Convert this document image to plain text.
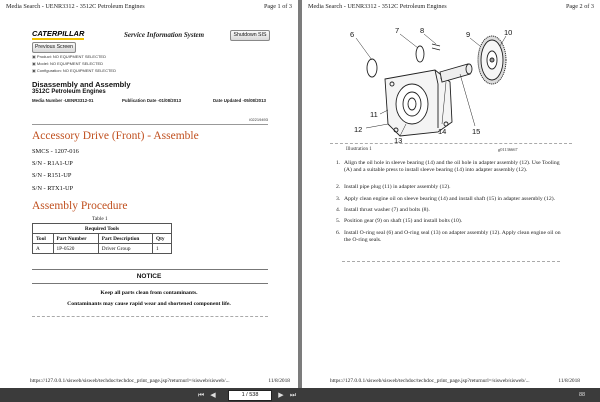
Media Search - UENR3312 - 3512C Petroleum Engines	Page 1 of 3
CATERPILLAR	Service Information System	Shutdown SIS
Previous Screen
▣ Product: NO EQUIPMENT SELECTED
▣ Model: NO EQUIPMENT SELECTED
▣ Configuration: NO EQUIPMENT SELECTED
Disassembly and Assembly
3512C Petroleum Engines
Media Number -UENR3312-01	Publication Date -01/08/2013	Date Updated -05/08/2013
i02219493
Accessory Drive (Front) - Assemble
SMCS - 1207-016
S/N - R1A1-UP
S/N - R151-UP
S/N - RTX1-UP
Assembly Procedure
Table 1
Required Tools			
Tool	Part Number	Part Description	Qty
A	1P-0520	Driver Group	1
NOTICE
Keep all parts clean from contaminants.
Contaminants may cause rapid wear and shortened component life.
https://127.0.0.1/sisweb/sisweb/techdoc/techdoc_print_page.jsp?returnurl=/sisweb/sisweb/...	11/8/2018
Media Search - UENR3312 - 3512C Petroleum Engines	Page 2 of 3
6	7	8	9	10
11
12
13
14	15
Illustration 1	g01136667
1. Align the oil hole in sleeve bearing (14) and the oil hole in adapter assembly (12). Use Tooling (A) and a suitable press to install sleeve bearing (14) into adapter assembly (12).
2. Install pipe plug (11) in adapter assembly (12).
3. Apply clean engine oil on sleeve bearing (14) and install shaft (15) in adapter assembly (12).
4. Install thrust washer (7) and bolts (8).
5. Position gear (9) on shaft (15) and install bolts (10).
6. Install O-ring seal (6) and O-ring seal (13) on adapter assembly (12). Apply clean engine oil on the O-ring seals.
https://127.0.0.1/sisweb/sisweb/techdoc/techdoc_print_page.jsp?returnurl=/sisweb/sisweb/...	11/8/2018
⏮ ◀	1 / 538	▶ ⏭	88
